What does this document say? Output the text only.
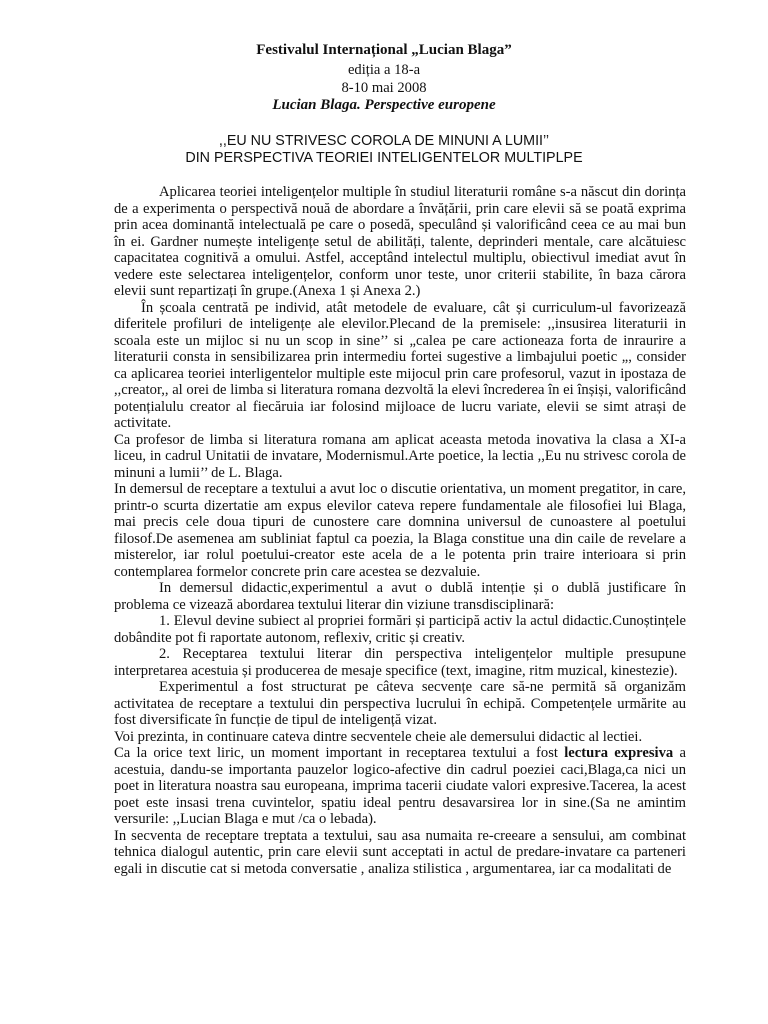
Festivalul Internațional „Lucian Blaga”
ediția a 18-a
8-10 mai 2008
Lucian Blaga. Perspective europene
,,EU NU STRIVESC COROLA DE MINUNI A LUMII’’
DIN PERSPECTIVA TEORIEI INTELIGENTELOR MULTIPLPE

Aplicarea teoriei inteligențelor multiple în studiul literaturii române s-a născut din dorința de a experimenta o perspectivă nouă de abordare a învățării, prin care elevii să se poată exprima prin acea dominantă intelectuală pe care o posedă, speculând și valorificând ceea ce au mai bun în ei. Gardner numește inteligențe setul de abilități, talente, deprinderi mentale, care alcătuiesc capacitatea cognitivă a omului. Astfel, acceptând intelectul multiplu, obiectivul imediat avut în vedere este selectarea inteligențelor, conform unor teste, unor criterii stabilite, în baza cărora elevii sunt repartizați în grupe.(Anexa 1 și Anexa 2.)

În școala centrată pe individ, atât metodele de evaluare, cât și curriculum-ul favorizează diferitele profiluri de inteligențe ale elevilor.Plecand de la premisele: ,,insusirea literaturii in scoala este un mijloc si nu un scop in sine’’ si „calea pe care actioneaza forta de inraurire a literaturii consta in sensibilizarea prin intermediu fortei sugestive a limbajului poetic „, consider ca aplicarea teoriei interligentelor multiple este mijocul prin care profesorul, vazut in ipostaza de ,,creator,, al orei de limba si literatura romana dezvoltă la elevi încrederea în ei înșiși, valorificând potențialulu creator al fiecăruia iar folosind mijloace de lucru variate, elevii se simt atrași de activitate.

Ca profesor de limba si literatura romana am aplicat aceasta metoda inovativa la clasa a XI-a liceu, in cadrul Unitatii de invatare, Modernismul.Arte poetice, la lectia ,,Eu nu strivesc corola de minuni a lumii’’ de L. Blaga.

In demersul de receptare a textului a avut loc o discutie orientativa, un moment pregatitor, in care, printr-o scurta dizertatie am expus elevilor cateva repere fundamentale ale filosofiei lui Blaga, mai precis cele doua tipuri de cunostere care domnina universul de cunoastere al poetului filosof.De asemenea am subliniat faptul ca poezia, la Blaga constitue una din caile de revelare a misterelor, iar rolul poetului-creator este acela de a le potenta prin traire interioara si prin contemplarea formelor concrete prin care acestea se dezvaluie.

In demersul didactic,experimentul a avut o dublă intenție și o dublă justificare în problema ce vizează abordarea textului literar din viziune transdisciplinară:

1. Elevul devine subiect al propriei formări și participă activ la actul didactic.Cunoștințele dobândite pot fi raportate autonom, reflexiv, critic și creativ.

2. Receptarea textului literar din perspectiva inteligențelor multiple presupune interpretarea acestuia și producerea de mesaje specifice (text, imagine, ritm muzical, kinestezie).

Experimentul a fost structurat pe câteva secvențe care să-ne permită să organizăm activitatea de receptare a textului din perspectiva lucrului în echipă. Competențele urmărite au fost diversificate în funcție de tipul de inteligență vizat.

Voi prezinta, in continuare cateva dintre secventele cheie ale demersului didactic al lectiei.

Ca la orice text liric, un moment important in receptarea textului a fost lectura expresiva a acestuia, dandu-se importanta pauzelor logico-afective din cadrul poeziei caci,Blaga,ca nici un poet in literatura noastra sau europeana, imprima tacerii ciudate valori expresive.Tacerea, la acest poet este insasi trena cuvintelor, spatiu ideal pentru desavarsirea lor in sine.(Sa ne amintim versurile: ,,Lucian Blaga e mut /ca o lebada).

In secventa de receptare treptata a textului, sau asa numaita re-creeare a sensului, am combinat tehnica dialogul autentic, prin care elevii sunt acceptati in actul de predare-invatare ca parteneri egali in discutie cat si metoda conversatie , analiza stilistica , argumentarea, iar ca modalitati de
